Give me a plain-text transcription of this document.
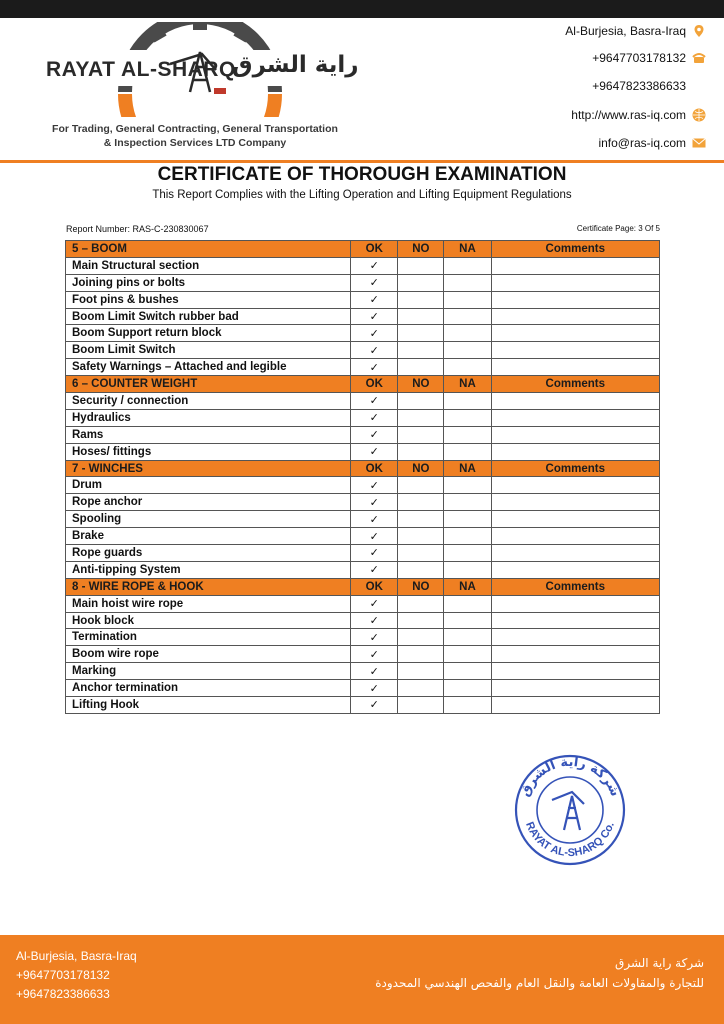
RAYAT AL-SHARQ
راية الشرق
For Trading, General Contracting, General Transportation
& Inspection Services LTD Company
Al-Burjesia, Basra-Iraq
+9647703178132
+9647823386633
http://www.ras-iq.com
info@ras-iq.com
CERTIFICATE OF THOROUGH EXAMINATION
This Report Complies with the Lifting Operation and Lifting Equipment Regulations
Report Number: RAS-C-230830067	Certificate Page: 3 Of 5
5 – BOOM	OK	NO	NA	Comments
Main Structural section	✓			
Joining pins or bolts	✓			
Foot pins & bushes	✓			
Boom Limit Switch rubber bad	✓			
Boom Support return block	✓			
Boom Limit Switch	✓			
Safety Warnings – Attached and legible	✓			
6 – COUNTER WEIGHT	OK	NO	NA	Comments
Security / connection	✓			
Hydraulics	✓			
Rams	✓			
Hoses/ fittings	✓			
7 - WINCHES	OK	NO	NA	Comments
Drum	✓			
Rope anchor	✓			
Spooling	✓			
Brake	✓			
Rope guards	✓			
Anti-tipping System	✓			
8 - WIRE ROPE & HOOK	OK	NO	NA	Comments
Main hoist wire rope	✓			
Hook block	✓			
Termination	✓			
Boom wire rope	✓			
Marking	✓			
Anchor termination	✓			
Lifting Hook	✓			
شركة راية الشرق
RAYAT AL-SHARQ Co.
Al-Burjesia, Basra-Iraq
+9647703178132
+9647823386633
شركة راية الشرق
للتجارة والمقاولات العامة والنقل العام والفحص الهندسي المحدودة
